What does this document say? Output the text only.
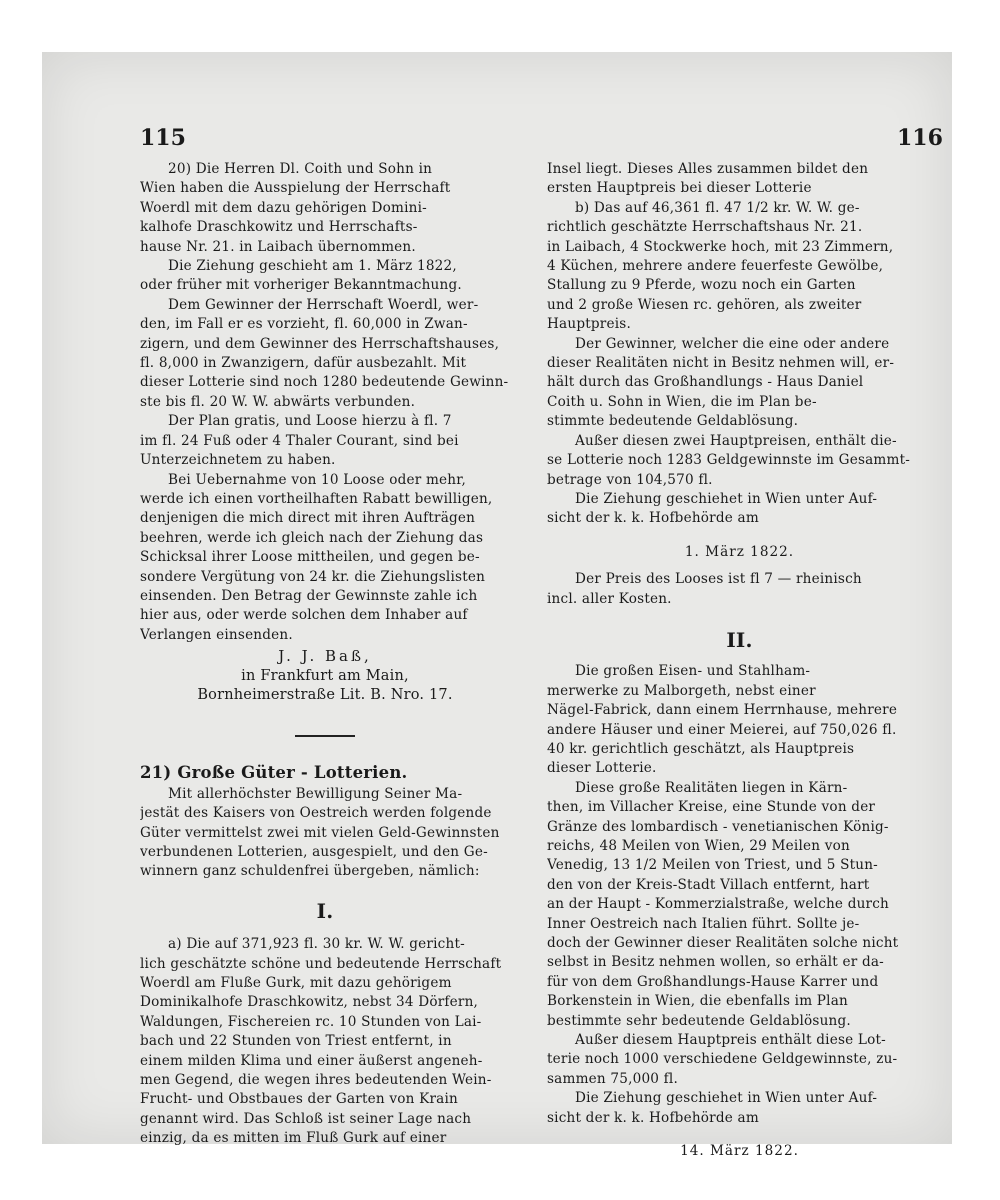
115	116
20) Die Herren Dl. Coith und Sohn in
Wien haben die Ausspielung der Herrschaft
Woerdl mit dem dazu gehörigen Domini-
kalhofe Draschkowitz und Herrschafts-
hause Nr. 21. in Laibach übernommen.
Die Ziehung geschieht am 1. März 1822,
oder früher mit vorheriger Bekanntmachung.
Dem Gewinner der Herrschaft Woerdl, wer-
den, im Fall er es vorzieht, fl. 60,000 in Zwan-
zigern, und dem Gewinner des Herrschaftshauses,
fl. 8,000 in Zwanzigern, dafür ausbezahlt. Mit
dieser Lotterie sind noch 1280 bedeutende Gewinn-
ste bis fl. 20 W. W. abwärts verbunden.
Der Plan gratis, und Loose hierzu à fl. 7
im fl. 24 Fuß oder 4 Thaler Courant, sind bei
Unterzeichnetem zu haben.
Bei Uebernahme von 10 Loose oder mehr,
werde ich einen vortheilhaften Rabatt bewilligen,
denjenigen die mich direct mit ihren Aufträgen
beehren, werde ich gleich nach der Ziehung das
Schicksal ihrer Loose mittheilen, und gegen be-
sondere Vergütung von 24 kr. die Ziehungslisten
einsenden. Den Betrag der Gewinnste zahle ich
hier aus, oder werde solchen dem Inhaber auf
Verlangen einsenden.
J. J. Baß,
in Frankfurt am Main,
Bornheimerstraße Lit. B. Nro. 17.
21) Große Güter - Lotterien.
Mit allerhöchster Bewilligung Seiner Ma-
jestät des Kaisers von Oestreich werden folgende
Güter vermittelst zwei mit vielen Geld-Gewinnsten
verbundenen Lotterien, ausgespielt, und den Ge-
winnern ganz schuldenfrei übergeben, nämlich:
I.
a) Die auf 371,923 fl. 30 kr. W. W. gericht-
lich geschätzte schöne und bedeutende Herrschaft
Woerdl am Fluße Gurk, mit dazu gehörigem
Dominikalhofe Draschkowitz, nebst 34 Dörfern,
Waldungen, Fischereien rc. 10 Stunden von Lai-
bach und 22 Stunden von Triest entfernt, in
einem milden Klima und einer äußerst angeneh-
men Gegend, die wegen ihres bedeutenden Wein-
Frucht- und Obstbaues der Garten von Krain
genannt wird. Das Schloß ist seiner Lage nach
einzig, da es mitten im Fluß Gurk auf einer
Insel liegt. Dieses Alles zusammen bildet den
ersten Hauptpreis bei dieser Lotterie
b) Das auf 46,361 fl. 47 1/2 kr. W. W. ge-
richtlich geschätzte Herrschaftshaus Nr. 21.
in Laibach, 4 Stockwerke hoch, mit 23 Zimmern,
4 Küchen, mehrere andere feuerfeste Gewölbe,
Stallung zu 9 Pferde, wozu noch ein Garten
und 2 große Wiesen rc. gehören, als zweiter
Hauptpreis.
Der Gewinner, welcher die eine oder andere
dieser Realitäten nicht in Besitz nehmen will, er-
hält durch das Großhandlungs - Haus Daniel
Coith u. Sohn in Wien, die im Plan be-
stimmte bedeutende Geldablösung.
Außer diesen zwei Hauptpreisen, enthält die-
se Lotterie noch 1283 Geldgewinnste im Gesammt-
betrage von 104,570 fl.
Die Ziehung geschiehet in Wien unter Auf-
sicht der k. k. Hofbehörde am
1. März 1822.
Der Preis des Looses ist fl 7 — rheinisch
incl. aller Kosten.
II.
Die großen Eisen- und Stahlham-
merwerke zu Malborgeth, nebst einer
Nägel-Fabrick, dann einem Herrnhause, mehrere
andere Häuser und einer Meierei, auf 750,026 fl.
40 kr. gerichtlich geschätzt, als Hauptpreis
dieser Lotterie.
Diese große Realitäten liegen in Kärn-
then, im Villacher Kreise, eine Stunde von der
Gränze des lombardisch - venetianischen König-
reichs, 48 Meilen von Wien, 29 Meilen von
Venedig, 13 1/2 Meilen von Triest, und 5 Stun-
den von der Kreis-Stadt Villach entfernt, hart
an der Haupt - Kommerzialstraße, welche durch
Inner Oestreich nach Italien führt. Sollte je-
doch der Gewinner dieser Realitäten solche nicht
selbst in Besitz nehmen wollen, so erhält er da-
für von dem Großhandlungs-Hause Karrer und
Borkenstein in Wien, die ebenfalls im Plan
bestimmte sehr bedeutende Geldablösung.
Außer diesem Hauptpreis enthält diese Lot-
terie noch 1000 verschiedene Geldgewinnste, zu-
sammen 75,000 fl.
Die Ziehung geschiehet in Wien unter Auf-
sicht der k. k. Hofbehörde am
14. März 1822.
